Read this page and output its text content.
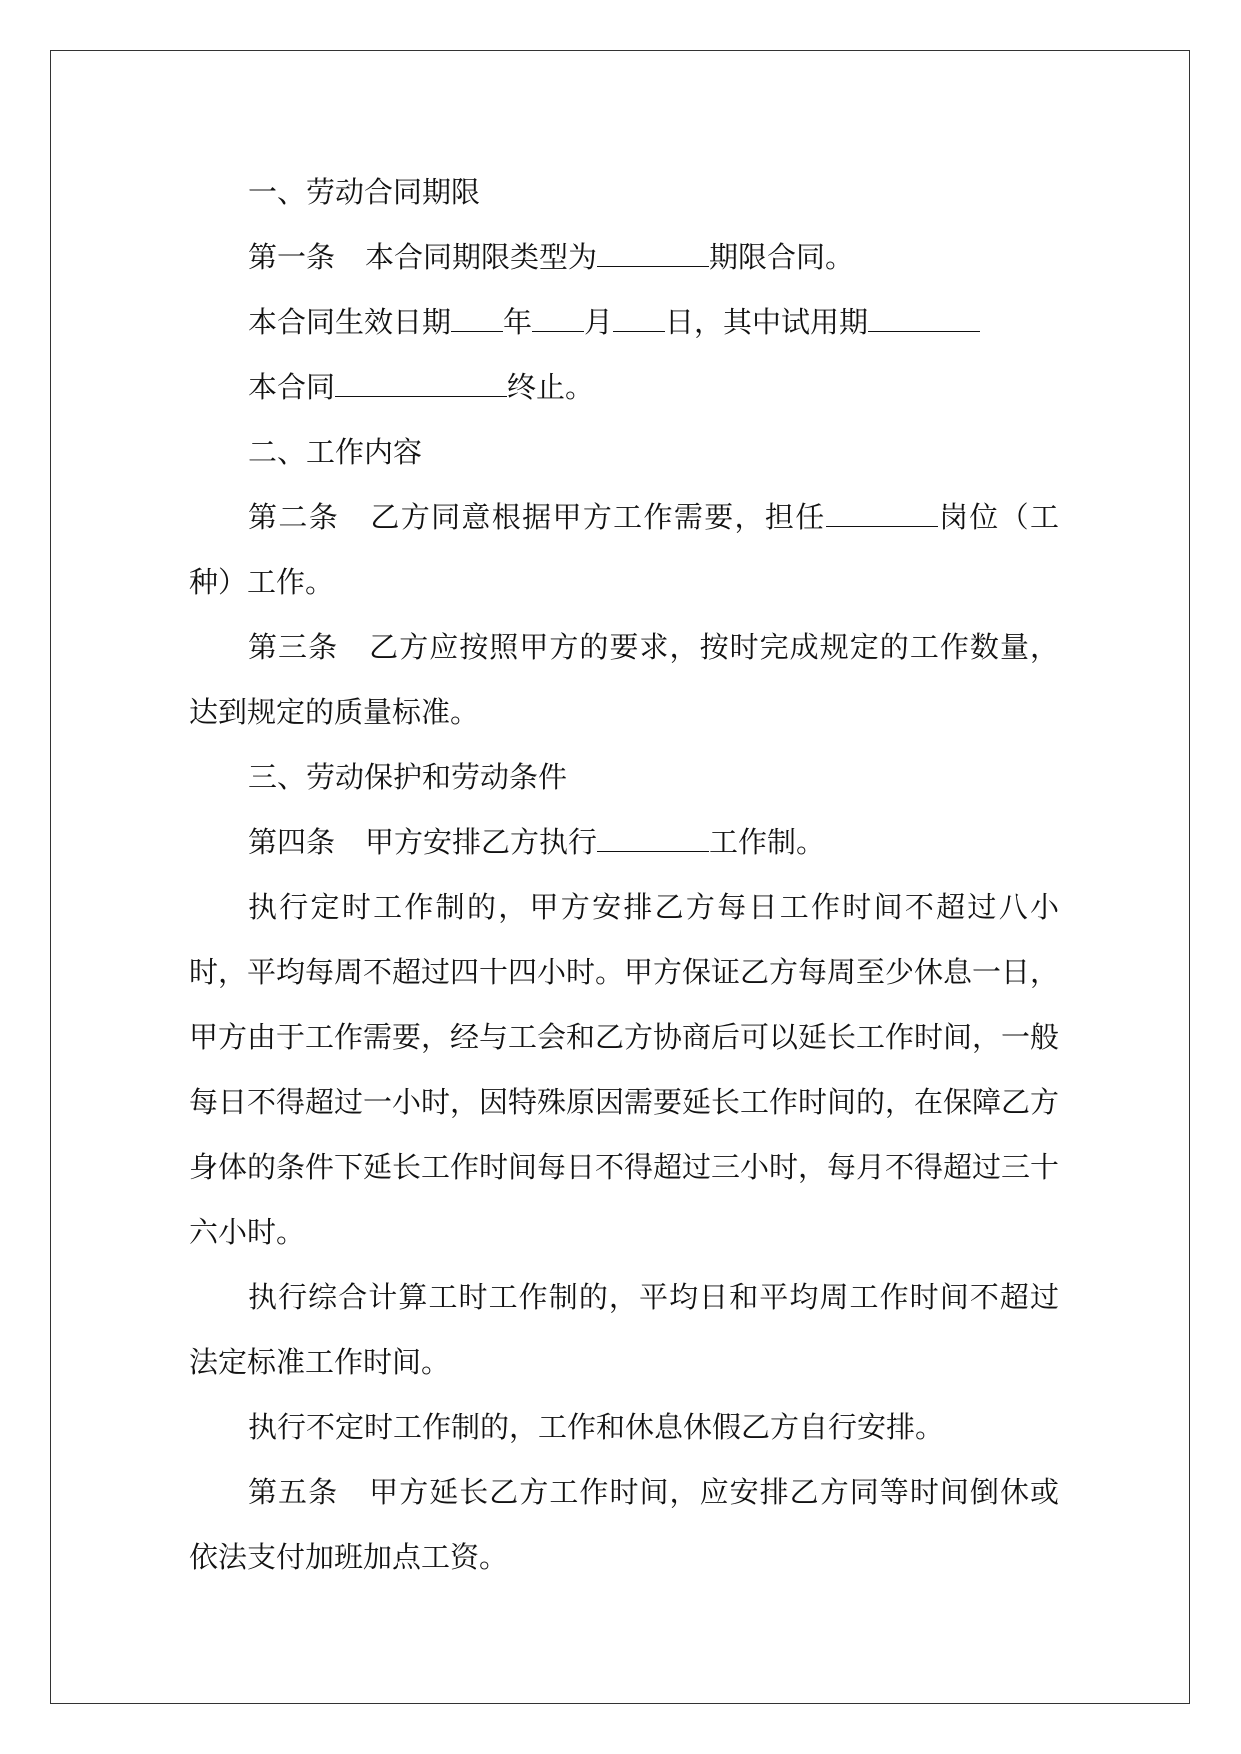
一、劳动合同期限

第一条 本合同期限类型为	期限合同。

本合同生效日期 年 月 日，其中试用期

本合同	终止。

二、工作内容

第二条 乙方同意根据甲方工作需要，担任	岗位（工种）工作。

第三条 乙方应按照甲方的要求，按时完成规定的工作数量，达到规定的质量标准。

三、劳动保护和劳动条件

第四条 甲方安排乙方执行	工作制。

执行定时工作制的，甲方安排乙方每日工作时间不超过八小时，平均每周不超过四十四小时。甲方保证乙方每周至少休息一日，甲方由于工作需要，经与工会和乙方协商后可以延长工作时间，一般每日不得超过一小时，因特殊原因需要延长工作时间的，在保障乙方身体的条件下延长工作时间每日不得超过三小时，每月不得超过三十六小时。

执行综合计算工时工作制的，平均日和平均周工作时间不超过法定标准工作时间。

执行不定时工作制的，工作和休息休假乙方自行安排。

第五条 甲方延长乙方工作时间，应安排乙方同等时间倒休或依法支付加班加点工资。
